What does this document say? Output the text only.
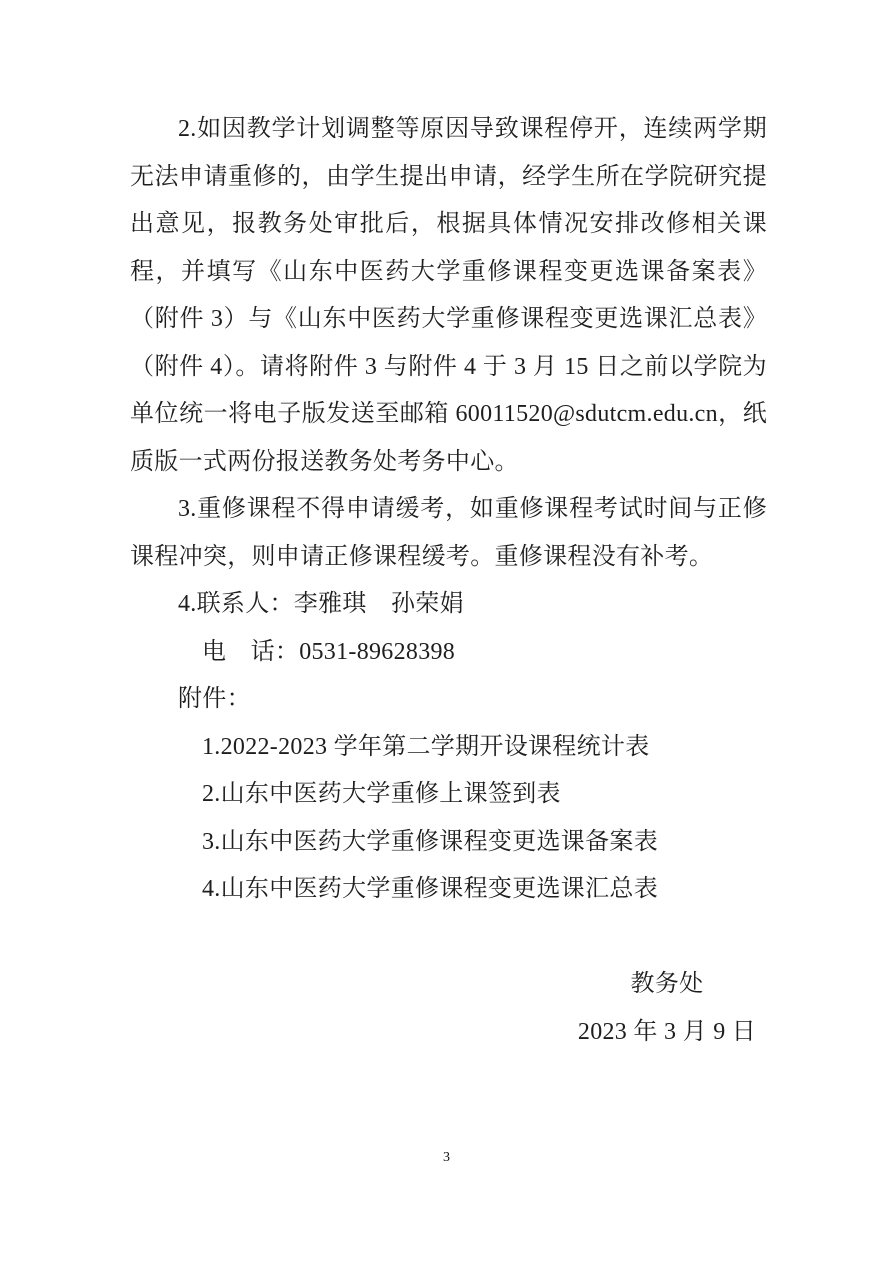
2.如因教学计划调整等原因导致课程停开，连续两学期无法申请重修的，由学生提出申请，经学生所在学院研究提出意见，报教务处审批后，根据具体情况安排改修相关课程，并填写《山东中医药大学重修课程变更选课备案表》（附件 3）与《山东中医药大学重修课程变更选课汇总表》（附件 4）。请将附件 3 与附件 4 于 3 月 15 日之前以学院为单位统一将电子版发送至邮箱 60011520@sdutcm.edu.cn，纸质版一式两份报送教务处考务中心。

3.重修课程不得申请缓考，如重修课程考试时间与正修课程冲突，则申请正修课程缓考。重修课程没有补考。

4.联系人：李雅琪　孙荣娟

电　话：0531-89628398

附件：

1.2022-2023 学年第二学期开设课程统计表

2.山东中医药大学重修上课签到表

3.山东中医药大学重修课程变更选课备案表

4.山东中医药大学重修课程变更选课汇总表

教务处

2023 年 3 月 9 日

3
